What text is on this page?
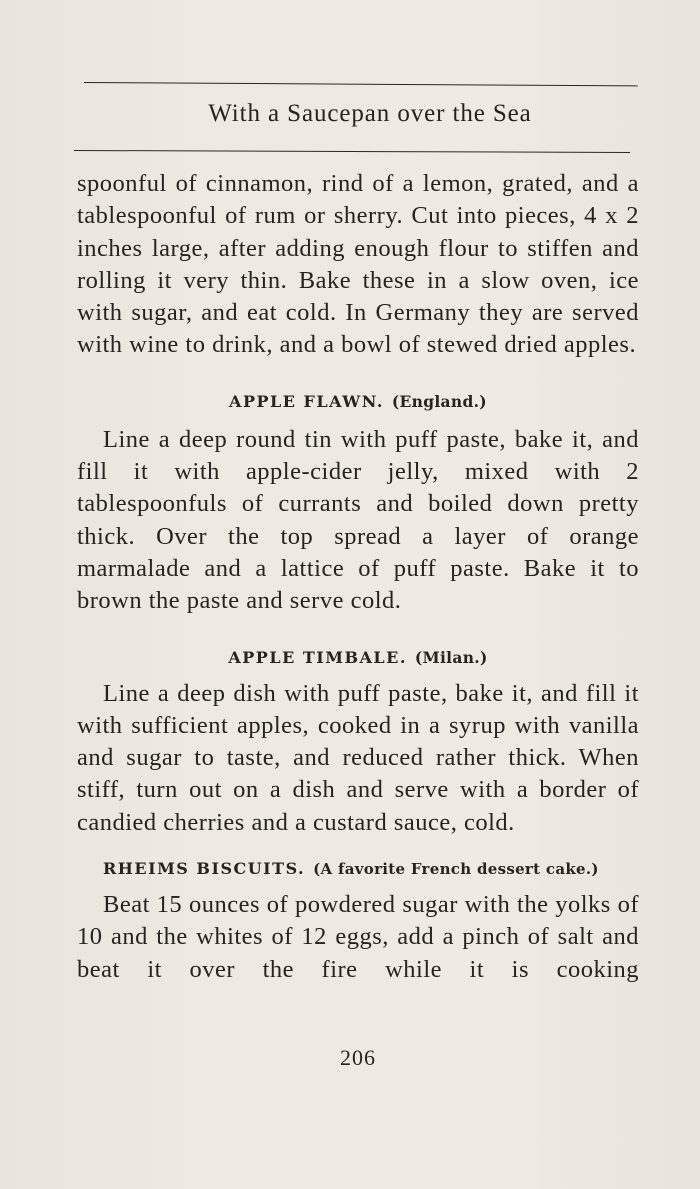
With a Saucepan over the Sea

spoonful of cinnamon, rind of a lemon, grated, and a tablespoonful of rum or sherry. Cut into pieces, 4 x 2 inches large, after adding enough flour to stiffen and rolling it very thin. Bake these in a slow oven, ice with sugar, and eat cold. In Germany they are served with wine to drink, and a bowl of stewed dried apples.

APPLE FLAWN. (England.)

Line a deep round tin with puff paste, bake it, and fill it with apple-cider jelly, mixed with 2 tablespoonfuls of currants and boiled down pretty thick. Over the top spread a layer of orange marmalade and a lattice of puff paste. Bake it to brown the paste and serve cold.

APPLE TIMBALE. (Milan.)

Line a deep dish with puff paste, bake it, and fill it with sufficient apples, cooked in a syrup with vanilla and sugar to taste, and reduced rather thick. When stiff, turn out on a dish and serve with a border of candied cherries and a custard sauce, cold.

RHEIMS BISCUITS. (A favorite French dessert cake.)

Beat 15 ounces of powdered sugar with the yolks of 10 and the whites of 12 eggs, add a pinch of salt and beat it over the fire while it is cooking

206
